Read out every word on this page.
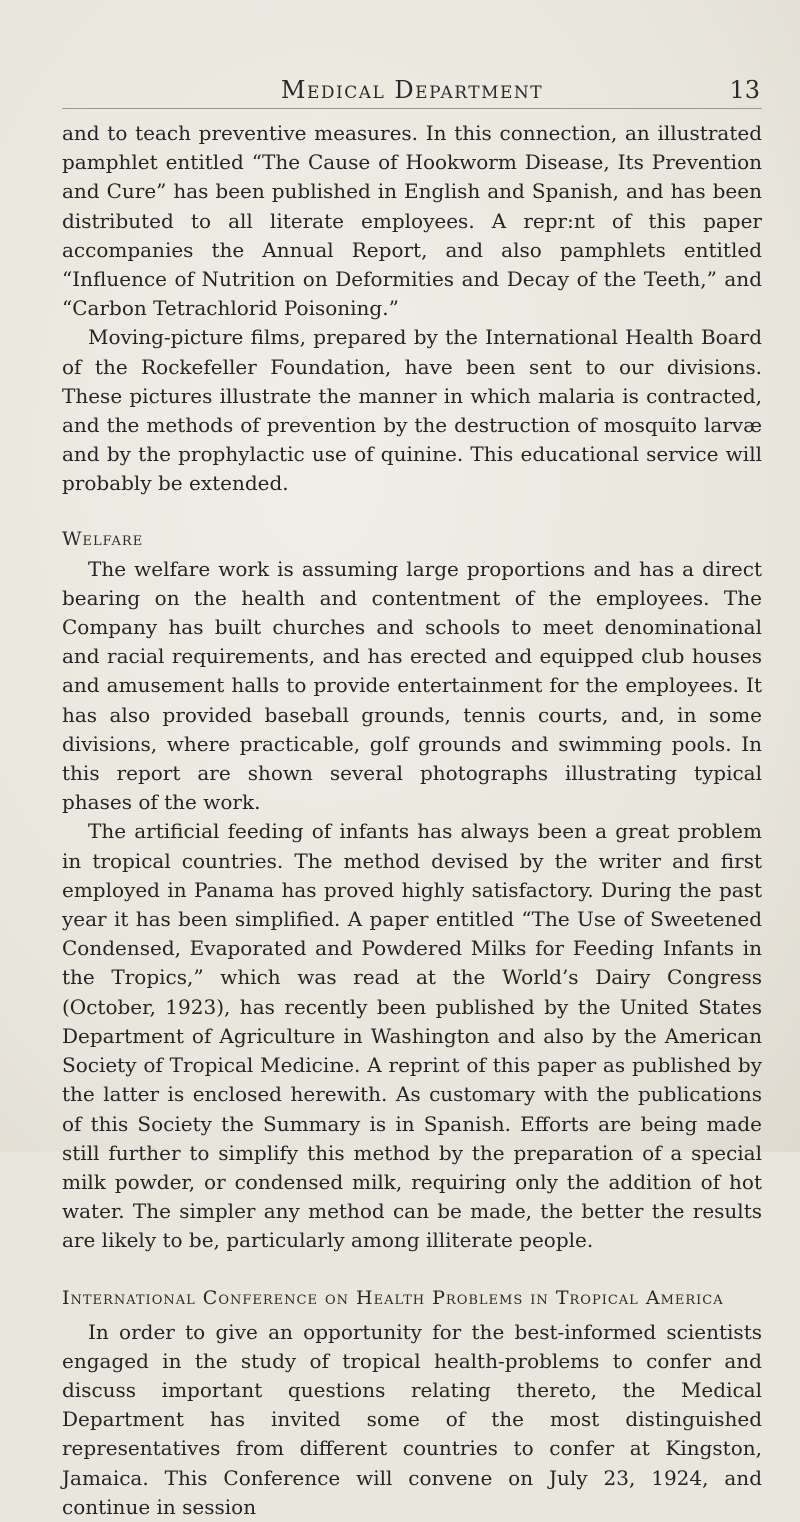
Medical Department	13

and to teach preventive measures. In this connection, an illustrated pamphlet entitled “The Cause of Hookworm Disease, Its Prevention and Cure” has been published in English and Spanish, and has been distributed to all literate employees. A repr:nt of this paper accompanies the Annual Report, and also pamphlets entitled “Influence of Nutrition on Deformities and Decay of the Teeth,” and “Carbon Tetrachlorid Poisoning.”

Moving-picture films, prepared by the International Health Board of the Rockefeller Foundation, have been sent to our divisions. These pictures illustrate the manner in which malaria is contracted, and the methods of prevention by the destruction of mosquito larvæ and by the prophylactic use of quinine. This educational service will probably be extended.

Welfare

The welfare work is assuming large proportions and has a direct bearing on the health and contentment of the employees. The Company has built churches and schools to meet denominational and racial requirements, and has erected and equipped club houses and amusement halls to provide entertainment for the employees. It has also provided baseball grounds, tennis courts, and, in some divisions, where practicable, golf grounds and swimming pools. In this report are shown several photographs illustrating typical phases of the work.

The artificial feeding of infants has always been a great problem in tropical countries. The method devised by the writer and first employed in Panama has proved highly satisfactory. During the past year it has been simplified. A paper entitled “The Use of Sweetened Condensed, Evaporated and Powdered Milks for Feeding Infants in the Tropics,” which was read at the World’s Dairy Congress (October, 1923), has recently been published by the United States Department of Agriculture in Washington and also by the American Society of Tropical Medicine. A reprint of this paper as published by the latter is enclosed herewith. As customary with the publications of this Society the Summary is in Spanish. Efforts are being made still further to simplify this method by the preparation of a special milk powder, or condensed milk, requiring only the addition of hot water. The simpler any method can be made, the better the results are likely to be, particularly among illiterate people.

International Conference on Health Problems in Tropical America

In order to give an opportunity for the best-informed scientists engaged in the study of tropical health-problems to confer and discuss important questions relating thereto, the Medical Department has invited some of the most distinguished representatives from different countries to confer at Kingston, Jamaica. This Conference will convene on July 23, 1924, and continue in session
